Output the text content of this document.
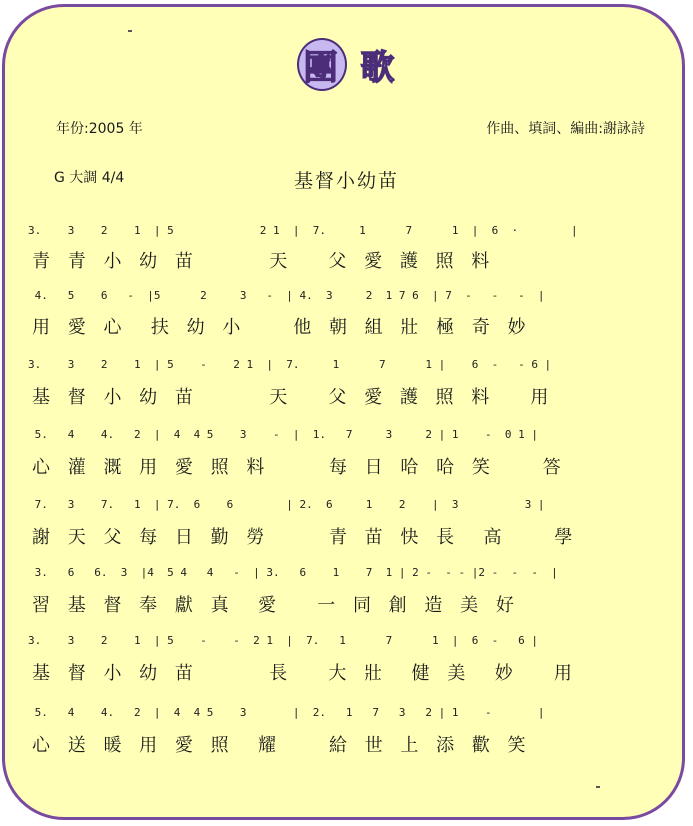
團 歌
年份:2005 年	作曲、填詞、編曲:謝詠詩
G 大調 4/4	基督小幼苗
3.    3    2    1  | 5             2 1  |  7.     1      7      1  |  6  ·        |
青 青 小 幼 苗      天   父 愛 護 照 料
4.   5    6   -  |5      2     3   -  | 4.  3     2  1 7 6  | 7  -   -   -  |
用 愛 心  扶 幼 小    他 朝 組 壯 極 奇 妙
3.    3    2    1  | 5    -    2 1  |  7.     1      7      1 |    6  -   - 6 |
基 督 小 幼 苗      天   父 愛 護 照 料   用
5.   4    4.   2  |  4  4 5    3    -  |  1.   7     3     2 | 1    -  0 1 |
心 灌 溉 用 愛 照 料     每 日 哈 哈 笑    答
7.   3    7.   1  | 7.  6    6        | 2.  6     1    2    |  3          3 |
謝 天 父 每 日 勤 勞     青 苗 快 長  高    學
3.   6   6.  3  |4  5 4   4   -  | 3.   6    1    7  1 | 2 -  - - |2 -  -  -  |
習 基 督 奉 獻 真  愛   一 同 創 造 美 好
3.    3    2    1  | 5    -    -  2 1  |  7.   1      7      1  |  6  -   6 |
基 督 小 幼 苗      長   大 壯  健 美  妙   用
5.   4    4.   2  |  4  4 5    3       |  2.   1   7   3   2 | 1    -       |
心 送 暖 用 愛 照  耀    給 世 上 添 歡 笑
